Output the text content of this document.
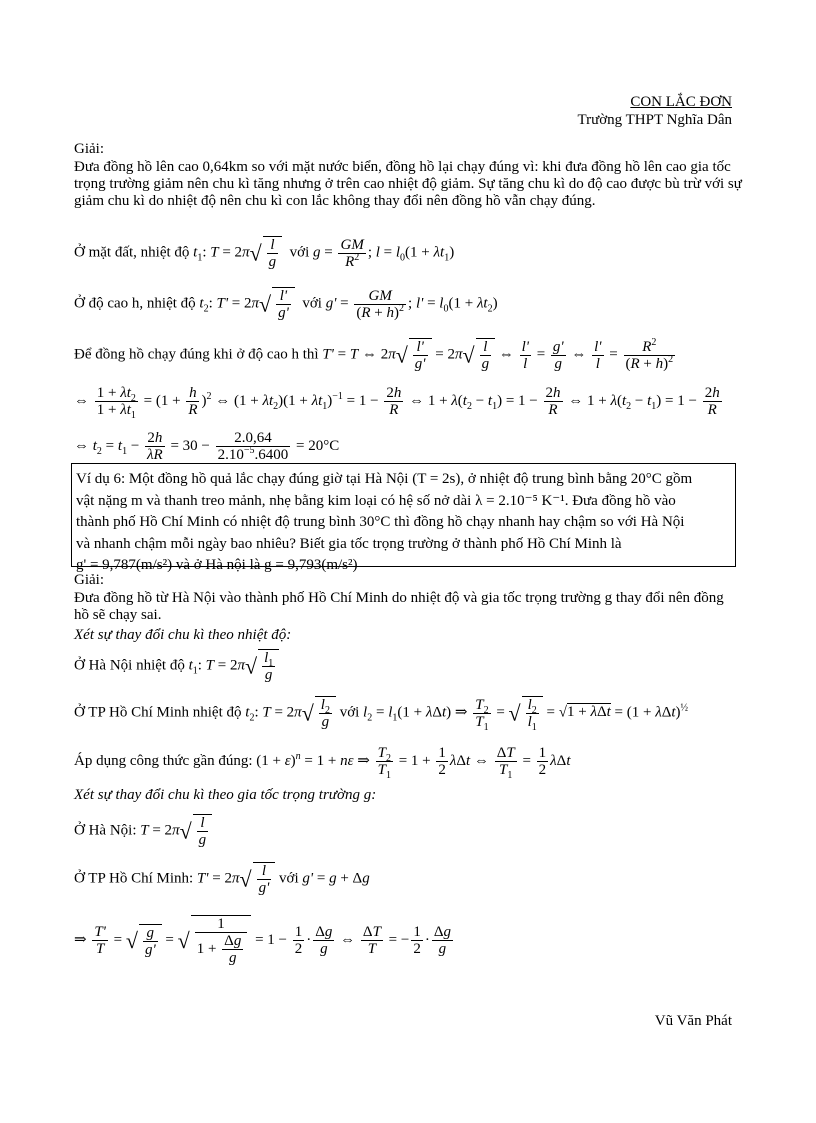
CON LẮC ĐƠN
Trường THPT Nghĩa Dân
Giải:
Đưa đồng hồ lên cao 0,64km so với mặt nước biển, đồng hồ lại chạy đúng vì: khi đưa đồng hồ lên cao gia tốc trọng trường giảm nên chu kì tăng nhưng ở trên cao nhiệt độ giảm. Sự tăng chu kì do độ cao được bù trừ với sự giảm chu kì do nhiệt độ nên chu kì con lắc không thay đổi nên đồng hồ vẫn chạy đúng.
Ở mặt đất, nhiệt độ $t_1$: $T = 2\pi√ \frac{l}{g}$ với $g = \frac{GM}{R^2}$ ; $l = l_0(1 + \lambda t_1)$
Ở độ cao h, nhiệt độ $t_2$: $T' = 2\pi√ \frac{l'}{g'}$ với $g' = \frac{GM}{(R + h)^2}$ ; $l' = l_0(1 + \lambda t_2)$
Để đồng hồ chạy đúng khi ở độ cao h thì T' = T ⇔ $2\pi√ \frac{l'}{g'} = 2\pi√ \frac{l}{g}$ ⇔ $\frac{l'}{l} = \frac{g'}{g}$ ⇔ $\frac{l'}{l} = \frac{R^2}{(R + h)^2}$
⇔ $\frac{1 + \lambda t_2}{1 + \lambda t_1} = (1 + \frac{h}{R} )^2$ ⇔ $(1 + \lambda t_2)(1 + \lambda t_1)^{-1} = 1 - \frac{2h}{R}$ ⇔ $1 + \lambda(t_2 - t_1) = 1 - \frac{2h}{R}$ ⇔ $1 + \lambda(t_2 - t_1) = 1 - \frac{2h}{R}$
⇔ $t_2 = t_1 - \frac{2h}{\lambda R} = 30 - \frac{2.0,64}{2.10^{-5}.6400} = 20^\circ C$
Ví dụ 6: Một đồng hồ quả lắc chạy đúng giờ tại Hà Nội (T = 2s), ở nhiệt độ trung bình bằng 20°C gồm
vật nặng m và thanh treo mảnh, nhẹ bằng kim loại có hệ số nở dài λ = 2.10⁻⁵ K⁻¹. Đưa đồng hồ vào
thành phố Hồ Chí Minh có nhiệt độ trung bình 30°C thì đồng hồ chạy nhanh hay chậm so với Hà Nội
và nhanh chậm mỗi ngày bao nhiêu? Biết gia tốc trọng trường ở thành phố Hồ Chí Minh là
g' = 9,787(m/s²) và ở Hà nội là g = 9,793(m/s²)
Giải:
Đưa đồng hồ từ Hà Nội vào thành phố Hồ Chí Minh do nhiệt độ và gia tốc trọng trường g thay đổi nên đồng hồ sẽ chạy sai.
Xét sự thay đổi chu kì theo nhiệt độ:
Ở Hà Nội nhiệt độ $t_1$: $T = 2\pi√ \frac{l_1}{g}$
Ở TP Hồ Chí Minh nhiệt độ $t_2$: $T = 2\pi√ \frac{l_2}{g}$ với $l_2 = l_1(1 + \lambda\Delta t)$ ⇒ $\frac{T_2}{T_1}$ = √ $\frac{l_2}{l_1} = √1 + \lambda\Delta t = (1 + \lambda\Delta t)^{\frac{1}{2}}$
Áp dụng công thức gần đúng: $(1 + \varepsilon)^n = 1 + n\varepsilon$ ⇒ $\frac{T_2}{T_1} = 1 + \frac{1}{2}$ λΔt ⇔ $\frac{\Delta T}{T_1} = \frac{1}{2}$ λΔt
Xét sự thay đổi chu kì theo gia tốc trọng trường g:
Ở Hà Nội: $T = 2\pi√ \frac{l}{g}$
Ở TP Hồ Chí Minh: $T' = 2\pi√ \frac{l}{g'}$ với g' = g + Δg
⇒ $\frac{T'}{T}$ = √ $\frac{g}{g'}$ = √ $\frac{1}{1 + \frac{\Delta g}{g}} = 1 - \frac{1}{2} \cdot \frac{\Delta g}{g}$ ⇔ $\frac{\Delta T}{T}$ = − $\frac{1}{2} \cdot \frac{\Delta g}{g}$
Vũ Văn Phát
